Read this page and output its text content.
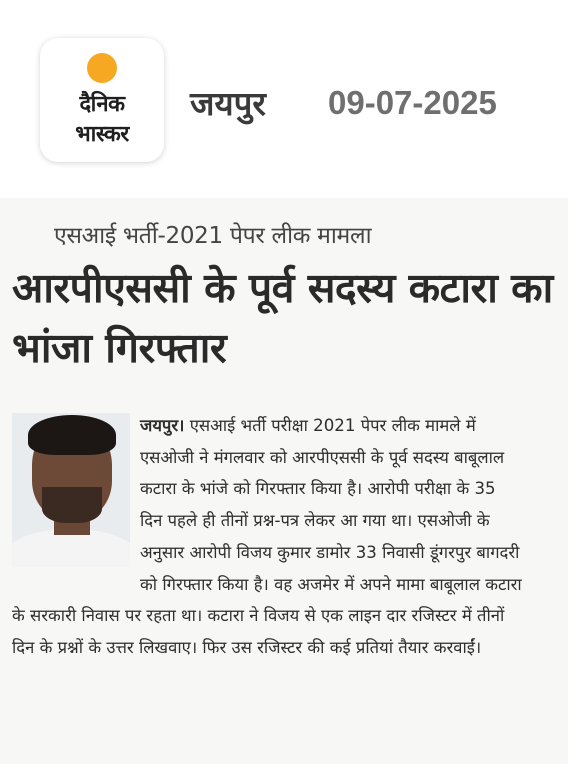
दैनिक
भास्कर
जयपुर 09-07-2025
एसआई भर्ती-2021 पेपर लीक मामला
आरपीएससी के पूर्व सदस्य कटारा का भांजा गिरफ्तार
जयपुर। एसआई भर्ती परीक्षा 2021 पेपर लीक मामले में एसओजी ने मंगलवार को आरपीएससी के पूर्व सदस्य बाबूलाल कटारा के भांजे को गिरफ्तार किया है। आरोपी परीक्षा के 35 दिन पहले ही तीनों प्रश्न-पत्र लेकर आ गया था। एसओजी के अनुसार आरोपी विजय कुमार डामोर 33 निवासी डूंगरपुर बागदरी को गिरफ्तार किया है। वह अजमेर में अपने मामा बाबूलाल कटारा के सरकारी निवास पर रहता था। कटारा ने विजय से एक लाइन दार रजिस्टर में तीनों दिन के प्रश्नों के उत्तर लिखवाए। फिर उस रजिस्टर की कई प्रतियां तैयार करवाईं।
